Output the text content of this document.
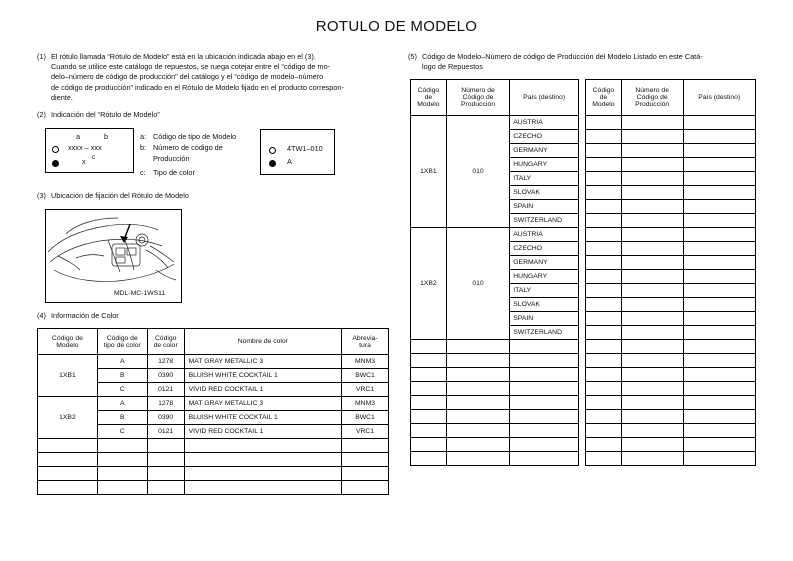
ROTULO DE MODELO
(1) El rótulo llamada “Rótulo de Modelo” está en la ubicación indicada abajo en el (3).
Cuando se utilice este catálogo de repuestos, se ruega cotejar entre el “código de mo-
delo–número de código de producción” del catálogo y el “código de modelo–número
de código de producción” indicado en el Rótulo de Modelo fijado en el producto correspon-
diente.
(2) Indicación del “Rótulo de Modelo”
a	b
xxxx – xxx
x c
a: Código de tipo de Modelo
b: Número de código de
Producción
c: Tipo de color
4TW1–010
A
(3) Ubicación de fijación del Rótulo de Modelo
MDL-MC-1WS11
(4) Información de Color
Código de
Modelo	Código de
tipo de color	Código
de color	Nombre de color	Abrevia-
tura
1XB1	A	1278	MAT GRAY METALLIC 3	MNM3
	B	0390	BLUISH WHITE COCKTAIL 1	BWC1
	C	0121	VIVID RED COCKTAIL 1	VRC1
1XB2	A	1278	MAT GRAY METALLIC 3	MNM3
	B	0390	BLUISH WHITE COCKTAIL 1	BWC1
	C	0121	VIVID RED COCKTAIL 1	VRC1

(5) Código de Modelo–Número de código de Producción del Modelo Listado en este Catá-
logo de Repuestos
Código
de
Modelo	Número de
Código de
Producción	País (destino)
1XB1	010	AUSTRIA
		CZECHO
		GERMANY
		HUNGARY
		ITALY
		SLOVAK
		SPAIN
		SWITZERLAND
1XB2	010	AUSTRIA
		CZECHO
		GERMANY
		HUNGARY
		ITALY
		SLOVAK
		SPAIN
		SWITZERLAND

Código
de
Modelo	Número de
Código de
Producción	País (destino)
